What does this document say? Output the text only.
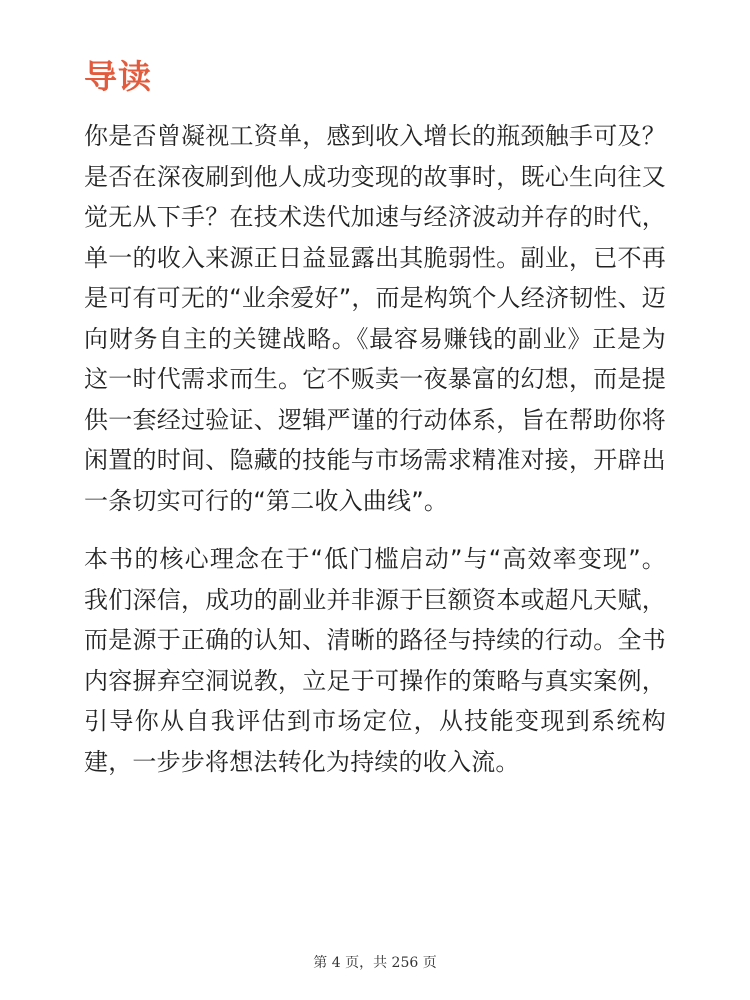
导读

你是否曾凝视工资单，感到收入增长的瓶颈触手可及？是否在深夜刷到他人成功变现的故事时，既心生向往又觉无从下手？在技术迭代加速与经济波动并存的时代，单一的收入来源正日益显露出其脆弱性。副业，已不再是可有可无的“业余爱好”，而是构筑个人经济韧性、迈向财务自主的关键战略。《最容易赚钱的副业》正是为这一时代需求而生。它不贩卖一夜暴富的幻想，而是提供一套经过验证、逻辑严谨的行动体系，旨在帮助你将闲置的时间、隐藏的技能与市场需求精准对接，开辟出一条切实可行的“第二收入曲线”。

本书的核心理念在于“低门槛启动”与“高效率变现”。我们深信，成功的副业并非源于巨额资本或超凡天赋，而是源于正确的认知、清晰的路径与持续的行动。全书内容摒弃空洞说教，立足于可操作的策略与真实案例，引导你从自我评估到市场定位，从技能变现到系统构建，一步步将想法转化为持续的收入流。

第 4 页，共 256 页
